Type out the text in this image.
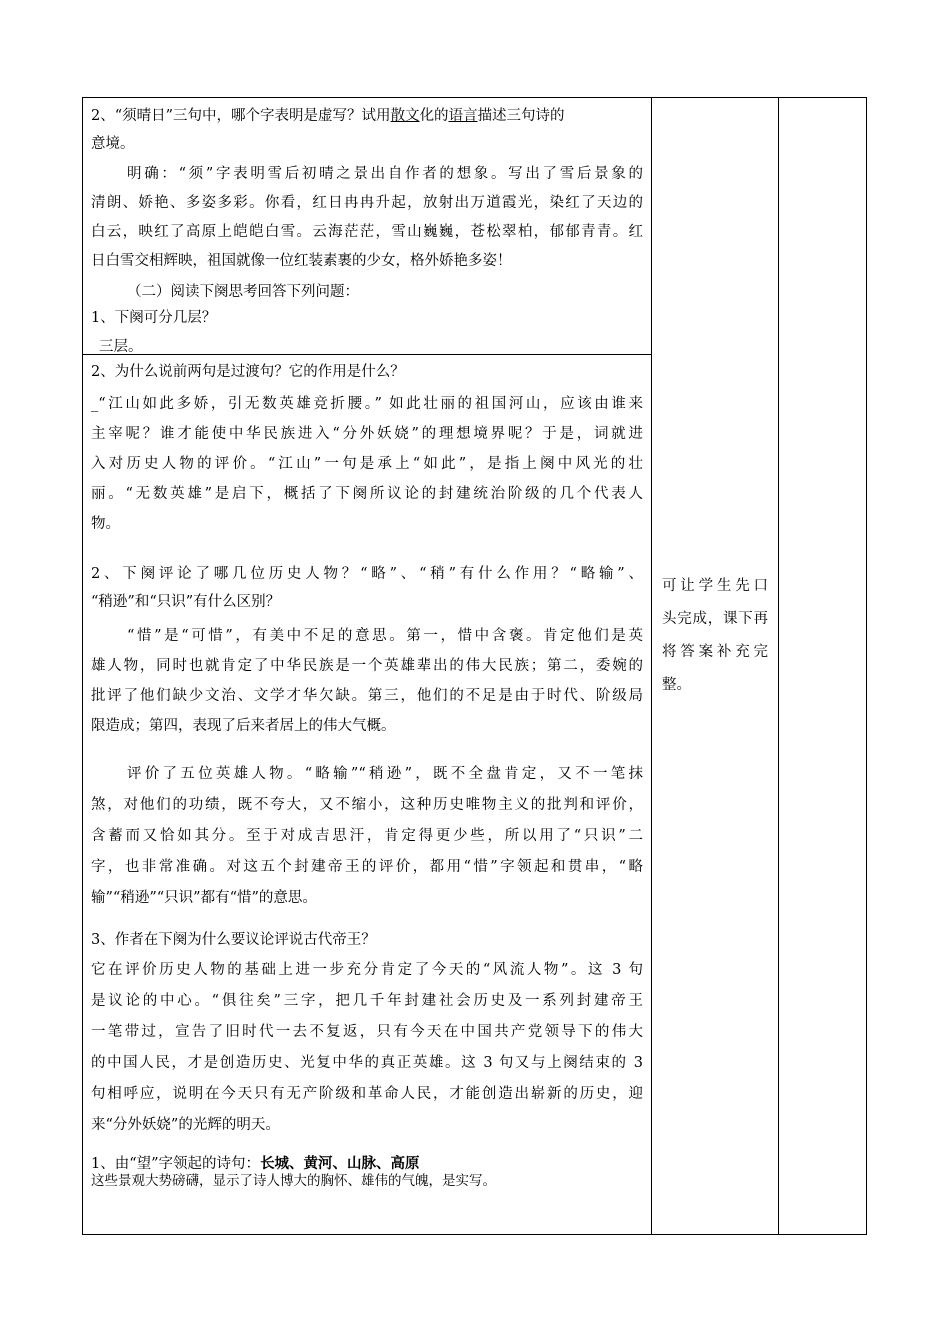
2、“须晴日”三句中，哪个字表明是虚写？试用散文化的语言描述三句诗的
意境。
明确：“须”字表明雪后初晴之景出自作者的想象。写出了雪后景象的
清朗、娇艳、多姿多彩。你看，红日冉冉升起，放射出万道霞光，染红了天边的
白云，映红了高原上皑皑白雪。云海茫茫，雪山巍巍，苍松翠柏，郁郁青青。红
日白雪交相辉映，祖国就像一位红装素裹的少女，格外娇艳多姿！
（二）阅读下阕思考回答下列问题：
1、下阕可分几层？
三层。
2、为什么说前两句是过渡句？它的作用是什么？
_“江山如此多娇，引无数英雄竞折腰。” 如此壮丽的祖国河山，应该由谁来
主宰呢？谁才能使中华民族进入“分外妖娆”的理想境界呢？于是，词就进
入对历史人物的评价。“江山”一句是承上“如此”，是指上阕中风光的壮
丽。“无数英雄”是启下，概括了下阕所议论的封建统治阶级的几个代表人
物。
2、下阕评论了哪几位历史人物？“略”、“稍”有什么作用？“略输”、
“稍逊”和“只识”有什么区别？
“惜”是“可惜”，有美中不足的意思。第一，惜中含褒。肯定他们是英
雄人物，同时也就肯定了中华民族是一个英雄辈出的伟大民族；第二，委婉的
批评了他们缺少文治、文学才华欠缺。第三，他们的不足是由于时代、阶级局
限造成；第四，表现了后来者居上的伟大气概。
评价了五位英雄人物。“略输”“稍逊”，既不全盘肯定，又不一笔抹
煞，对他们的功绩，既不夸大，又不缩小，这种历史唯物主义的批判和评价，
含蓄而又恰如其分。至于对成吉思汗，肯定得更少些，所以用了“只识”二
字，也非常准确。对这五个封建帝王的评价，都用“惜”字领起和贯串，“略
输”“稍逊”“只识”都有“惜”的意思。
3、作者在下阕为什么要议论评说古代帝王？
它在评价历史人物的基础上进一步充分肯定了今天的“风流人物”。这 3 句
是议论的中心。“俱往矣”三字，把几千年封建社会历史及一系列封建帝王
一笔带过，宣告了旧时代一去不复返，只有今天在中国共产党领导下的伟大
的中国人民，才是创造历史、光复中华的真正英雄。这 3 句又与上阕结束的 3
句相呼应，说明在今天只有无产阶级和革命人民，才能创造出崭新的历史，迎
来“分外妖娆”的光辉的明天。
1、由“望”字领起的诗句：长城、黄河、山脉、高原
这些景观大势磅礴，显示了诗人博大的胸怀、雄伟的气魄，是实写。
可让学生先口
头完成，课下再
将答案补充完
整。
